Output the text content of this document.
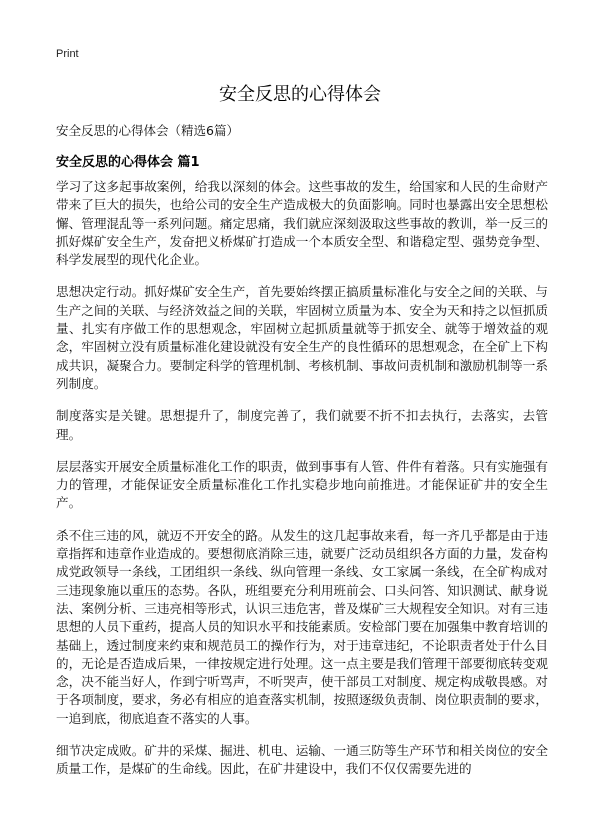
Print
安全反思的心得体会

安全反思的心得体会（精选6篇）

安全反思的心得体会 篇1

学习了这多起事故案例，给我以深刻的体会。这些事故的发生，给国家和人民的生命财产带来了巨大的损失，也给公司的安全生产造成极大的负面影响。同时也暴露出安全思想松懈、管理混乱等一系列问题。痛定思痛，我们就应深刻汲取这些事故的教训，举一反三的抓好煤矿安全生产，发奋把义桥煤矿打造成一个本质安全型、和谐稳定型、强势竞争型、科学发展型的现代化企业。

思想决定行动。抓好煤矿安全生产，首先要始终摆正搞质量标准化与安全之间的关联、与生产之间的关联、与经济效益之间的关联，牢固树立质量为本、安全为天和持之以恒抓质量、扎实有序做工作的思想观念，牢固树立起抓质量就等于抓安全、就等于增效益的观念，牢固树立没有质量标准化建设就没有安全生产的良性循环的思想观念，在全矿上下构成共识，凝聚合力。要制定科学的管理机制、考核机制、事故问责机制和激励机制等一系列制度。

制度落实是关键。思想提升了，制度完善了，我们就要不折不扣去执行，去落实，去管理。

层层落实开展安全质量标准化工作的职责，做到事事有人管、件件有着落。只有实施强有力的管理，才能保证安全质量标准化工作扎实稳步地向前推进。才能保证矿井的安全生产。

杀不住三违的风，就迈不开安全的路。从发生的这几起事故来看，每一齐几乎都是由于违章指挥和违章作业造成的。要想彻底消除三违，就要广泛动员组织各方面的力量，发奋构成党政领导一条线，工团组织一条线、纵向管理一条线、女工家属一条线，在全矿构成对三违现象施以重压的态势。各队，班组要充分利用班前会、口头问答、知识测试、献身说法、案例分析、三违亮相等形式，认识三违危害，普及煤矿三大规程安全知识。对有三违思想的人员下重药，提高人员的知识水平和技能素质。安检部门要在加强集中教育培训的基础上，透过制度来约束和规范员工的操作行为，对于违章违纪，不论职责者处于什么目的，无论是否造成后果，一律按规定进行处理。这一点主要是我们管理干部要彻底转变观念，决不能当好人，作到宁听骂声，不听哭声，使干部员工对制度、规定构成敬畏感。对于各项制度，要求，务必有相应的追查落实机制，按照逐级负责制、岗位职责制的要求，一追到底，彻底追查不落实的人事。

细节决定成败。矿井的采煤、掘进、机电、运输、一通三防等生产环节和相关岗位的安全质量工作，是煤矿的生命线。因此，在矿井建设中，我们不仅仅需要先进的
